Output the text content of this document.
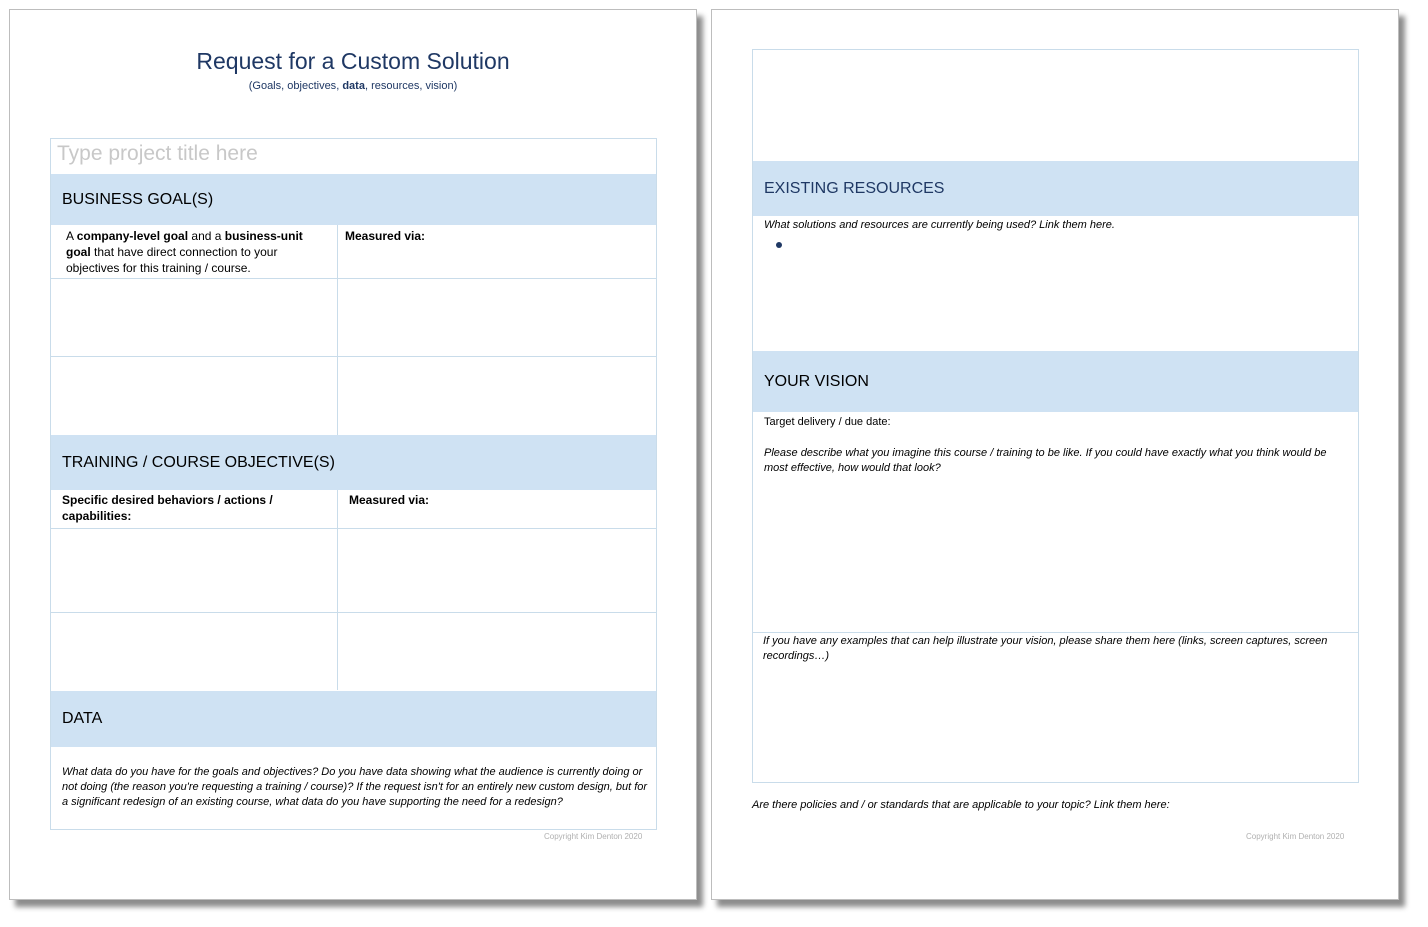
Request for a Custom Solution
(Goals, objectives, data, resources, vision)
Type project title here
BUSINESS GOAL(S)
A company-level goal and a business-unit goal that have direct connection to your objectives for this training / course.
Measured via:
TRAINING / COURSE OBJECTIVE(S)
Specific desired behaviors / actions / capabilities:
Measured via:
DATA
What data do you have for the goals and objectives? Do you have data showing what the audience is currently doing or not doing (the reason you're requesting a training / course)? If the request isn't for an entirely new custom design, but for a significant redesign of an existing course, what data do you have supporting the need for a redesign?
Copyright Kim Denton 2020
EXISTING RESOURCES
What solutions and resources are currently being used? Link them here.
YOUR VISION
Target delivery / due date:
Please describe what you imagine this course / training to be like. If you could have exactly what you think would be most effective, how would that look?
If you have any examples that can help illustrate your vision, please share them here (links, screen captures, screen recordings…)
Are there policies and / or standards that are applicable to your topic? Link them here:
Copyright Kim Denton 2020
